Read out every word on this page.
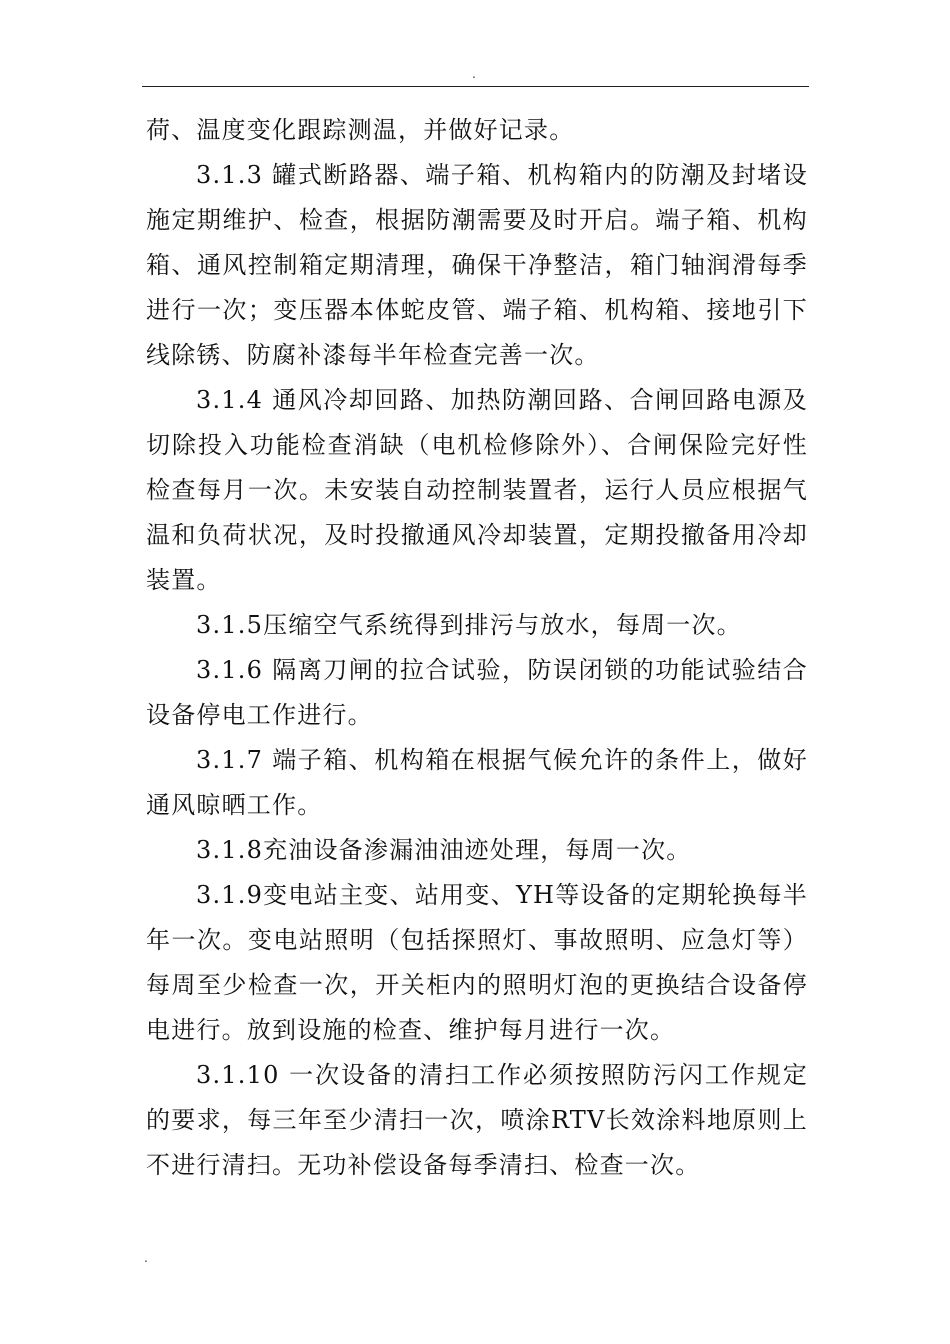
.

荷、温度变化跟踪测温，并做好记录。

3.1.3 罐式断路器、端子箱、机构箱内的防潮及封堵设施定期维护、检查，根据防潮需要及时开启。端子箱、机构箱、通风控制箱定期清理，确保干净整洁，箱门轴润滑每季进行一次；变压器本体蛇皮管、端子箱、机构箱、接地引下线除锈、防腐补漆每半年检查完善一次。

3.1.4 通风冷却回路、加热防潮回路、合闸回路电源及切除投入功能检查消缺（电机检修除外）、合闸保险完好性检查每月一次。未安装自动控制装置者，运行人员应根据气温和负荷状况，及时投撤通风冷却装置，定期投撤备用冷却装置。

3.1.5压缩空气系统得到排污与放水，每周一次。

3.1.6 隔离刀闸的拉合试验，防误闭锁的功能试验结合设备停电工作进行。

3.1.7 端子箱、机构箱在根据气候允许的条件上，做好通风晾晒工作。

3.1.8充油设备渗漏油油迹处理，每周一次。

3.1.9变电站主变、站用变、YH等设备的定期轮换每半年一次。变电站照明（包括探照灯、事故照明、应急灯等）每周至少检查一次，开关柜内的照明灯泡的更换结合设备停电进行。放到设施的检查、维护每月进行一次。

3.1.10 一次设备的清扫工作必须按照防污闪工作规定的要求，每三年至少清扫一次，喷涂RTV长效涂料地原则上不进行清扫。无功补偿设备每季清扫、检查一次。

.
